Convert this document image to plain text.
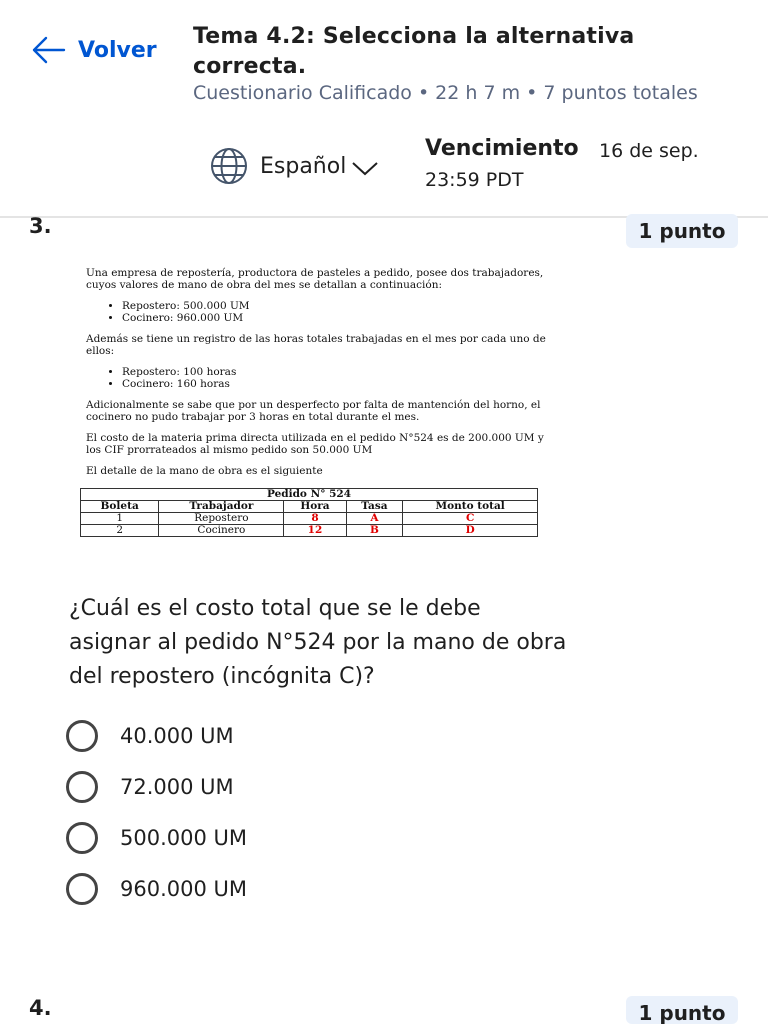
Volver
Tema 4.2: Selecciona la alternativa correcta.
Cuestionario Calificado • 22 h 7 m • 7 puntos totales
Español
Vencimiento 16 de sep.
23:59 PDT
3.	1 punto

Una empresa de repostería, productora de pasteles a pedido, posee dos trabajadores, cuyos valores de mano de obra del mes se detallan a continuación:

• Repostero: 500.000 UM
• Cocinero: 960.000 UM

Además se tiene un registro de las horas totales trabajadas en el mes por cada uno de ellos:

• Repostero: 100 horas
• Cocinero: 160 horas

Adicionalmente se sabe que por un desperfecto por falta de mantención del horno, el cocinero no pudo trabajar por 3 horas en total durante el mes.

El costo de la materia prima directa utilizada en el pedido N°524 es de 200.000 UM y los CIF prorrateados al mismo pedido son 50.000 UM

El detalle de la mano de obra es el siguiente

Pedido N° 524				
Boleta	Trabajador	Hora	Tasa	Monto total
1	Repostero	8	A	C
2	Cocinero	12	B	D
¿Cuál es el costo total que se le debe asignar al pedido N°524 por la mano de obra del repostero (incógnita C)?
40.000 UM
72.000 UM
500.000 UM
960.000 UM
4.	1 punto
